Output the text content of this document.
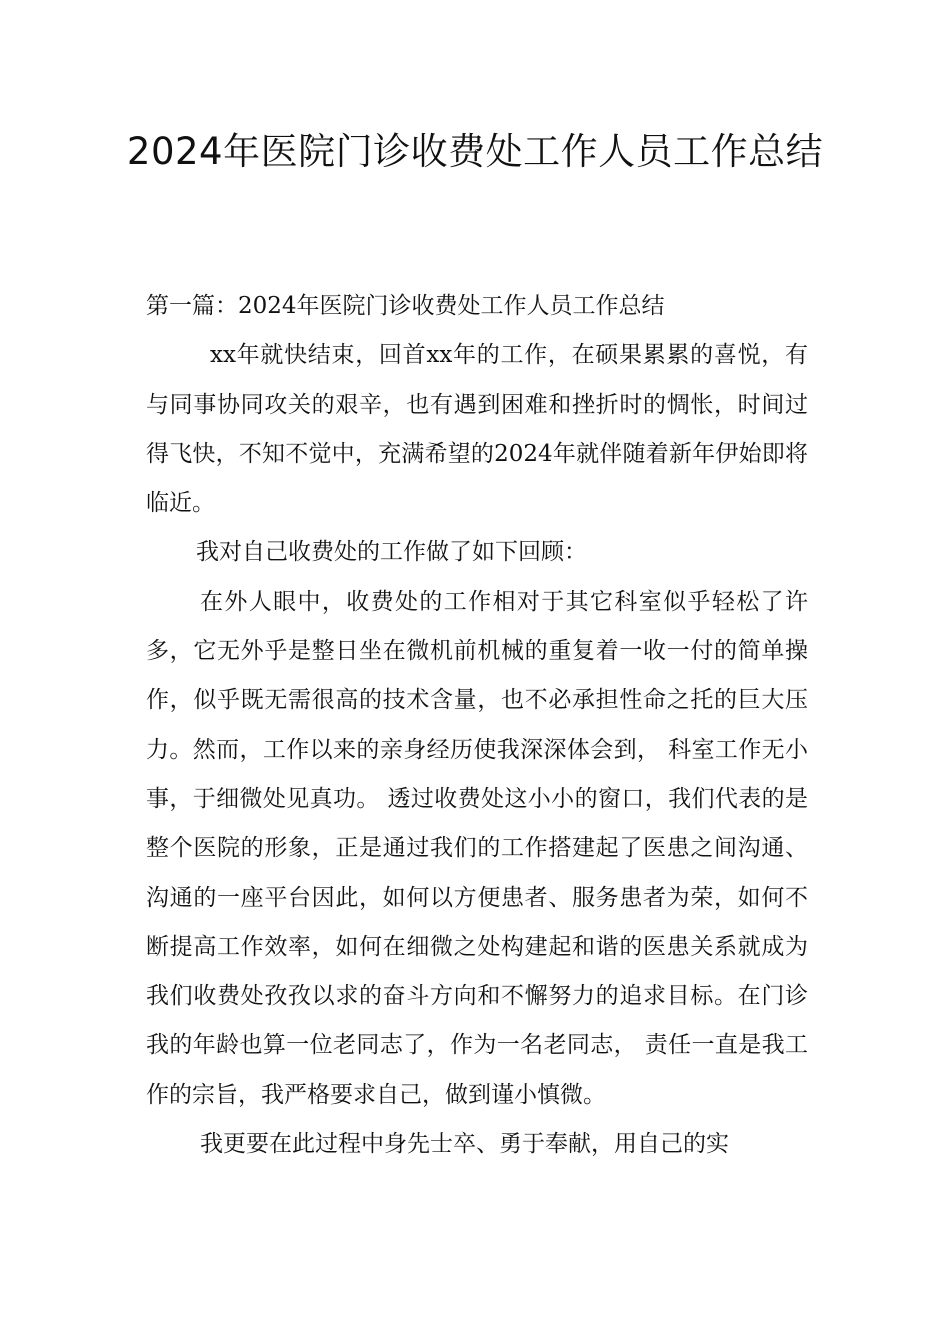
2024年医院门诊收费处工作人员工作总结

第一篇：2024年医院门诊收费处工作人员工作总结

xx年就快结束，回首xx年的工作，在硕果累累的喜悦，有与同事协同攻关的艰辛，也有遇到困难和挫折时的惆怅，时间过得飞快，不知不觉中，充满希望的2024年就伴随着新年伊始即将临近。

我对自己收费处的工作做了如下回顾：

在外人眼中，收费处的工作相对于其它科室似乎轻松了许多，它无外乎是整日坐在微机前机械的重复着一收一付的简单操作，似乎既无需很高的技术含量，也不必承担性命之托的巨大压力。然而，工作以来的亲身经历使我深深体会到， 科室工作无小事，于细微处见真功。 透过收费处这小小的窗口，我们代表的是整个医院的形象，正是通过我们的工作搭建起了医患之间沟通、沟通的一座平台因此，如何以方便患者、服务患者为荣，如何不断提高工作效率，如何在细微之处构建起和谐的医患关系就成为我们收费处孜孜以求的奋斗方向和不懈努力的追求目标。在门诊我的年龄也算一位老同志了，作为一名老同志， 责任一直是我工作的宗旨，我严格要求自己，做到谨小慎微。

我更要在此过程中身先士卒、勇于奉献，用自己的实
